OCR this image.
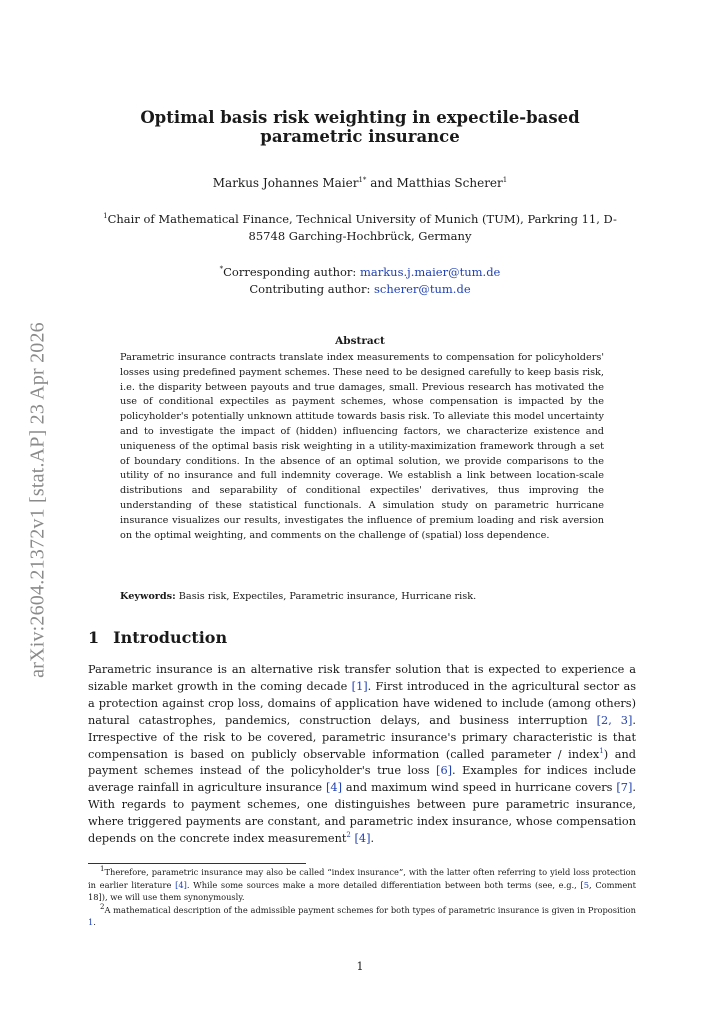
arXiv:2604.21372v1 [stat.AP] 23 Apr 2026
Optimal basis risk weighting in expectile-based parametric insurance
Markus Johannes Maier$^{1*}$ and Matthias Scherer$^1$
$^1$Chair of Mathematical Finance, Technical University of Munich (TUM), Parkring 11, D-85748 Garching-Hochbrück, Germany
*Corresponding author: markus.j.maier@tum.de
Contributing author: scherer@tum.de
Abstract
Parametric insurance contracts translate index measurements to compensation for policyholders' losses using predefined payment schemes. These need to be designed carefully to keep basis risk, i.e. the disparity between payouts and true damages, small. Previous research has motivated the use of conditional expectiles as payment schemes, whose compensation is impacted by the policyholder's potentially unknown attitude towards basis risk. To alleviate this model uncertainty and to investigate the impact of (hidden) influencing factors, we characterize existence and uniqueness of the optimal basis risk weighting in a utility-maximization framework through a set of boundary conditions. In the absence of an optimal solution, we provide comparisons to the utility of no insurance and full indemnity coverage. We establish a link between location-scale distributions and separability of conditional expectiles' derivatives, thus improving the understanding of these statistical functionals. A simulation study on parametric hurricane insurance visualizes our results, investigates the influence of premium loading and risk aversion on the optimal weighting, and comments on the challenge of (spatial) loss dependence.
Keywords: Basis risk, Expectiles, Parametric insurance, Hurricane risk.
1 Introduction
Parametric insurance is an alternative risk transfer solution that is expected to experience a sizable market growth in the coming decade [1]. First introduced in the agricultural sector as a protection against crop loss, domains of application have widened to include (among others) natural catastrophes, pandemics, construction delays, and business interruption [2, 3]. Irrespective of the risk to be covered, parametric insurance's primary characteristic is that compensation is based on publicly observable information (called parameter / index$^1$) and payment schemes instead of the policyholder's true loss [6]. Examples for indices include average rainfall in agriculture insurance [4] and maximum wind speed in hurricane covers [7]. With regards to payment schemes, one distinguishes between pure parametric insurance, where triggered payments are constant, and parametric index insurance, whose compensation depends on the concrete index measurement$^2$ [4].

$^1$Therefore, parametric insurance may also be called “index insurance”, with the latter often referring to yield loss protection in earlier literature [4]. While some sources make a more detailed differentiation between both terms (see, e.g., [5, Comment 18]), we will use them synonymously.

$^2$A mathematical description of the admissible payment schemes for both types of parametric insurance is given in Proposition 1.

1
